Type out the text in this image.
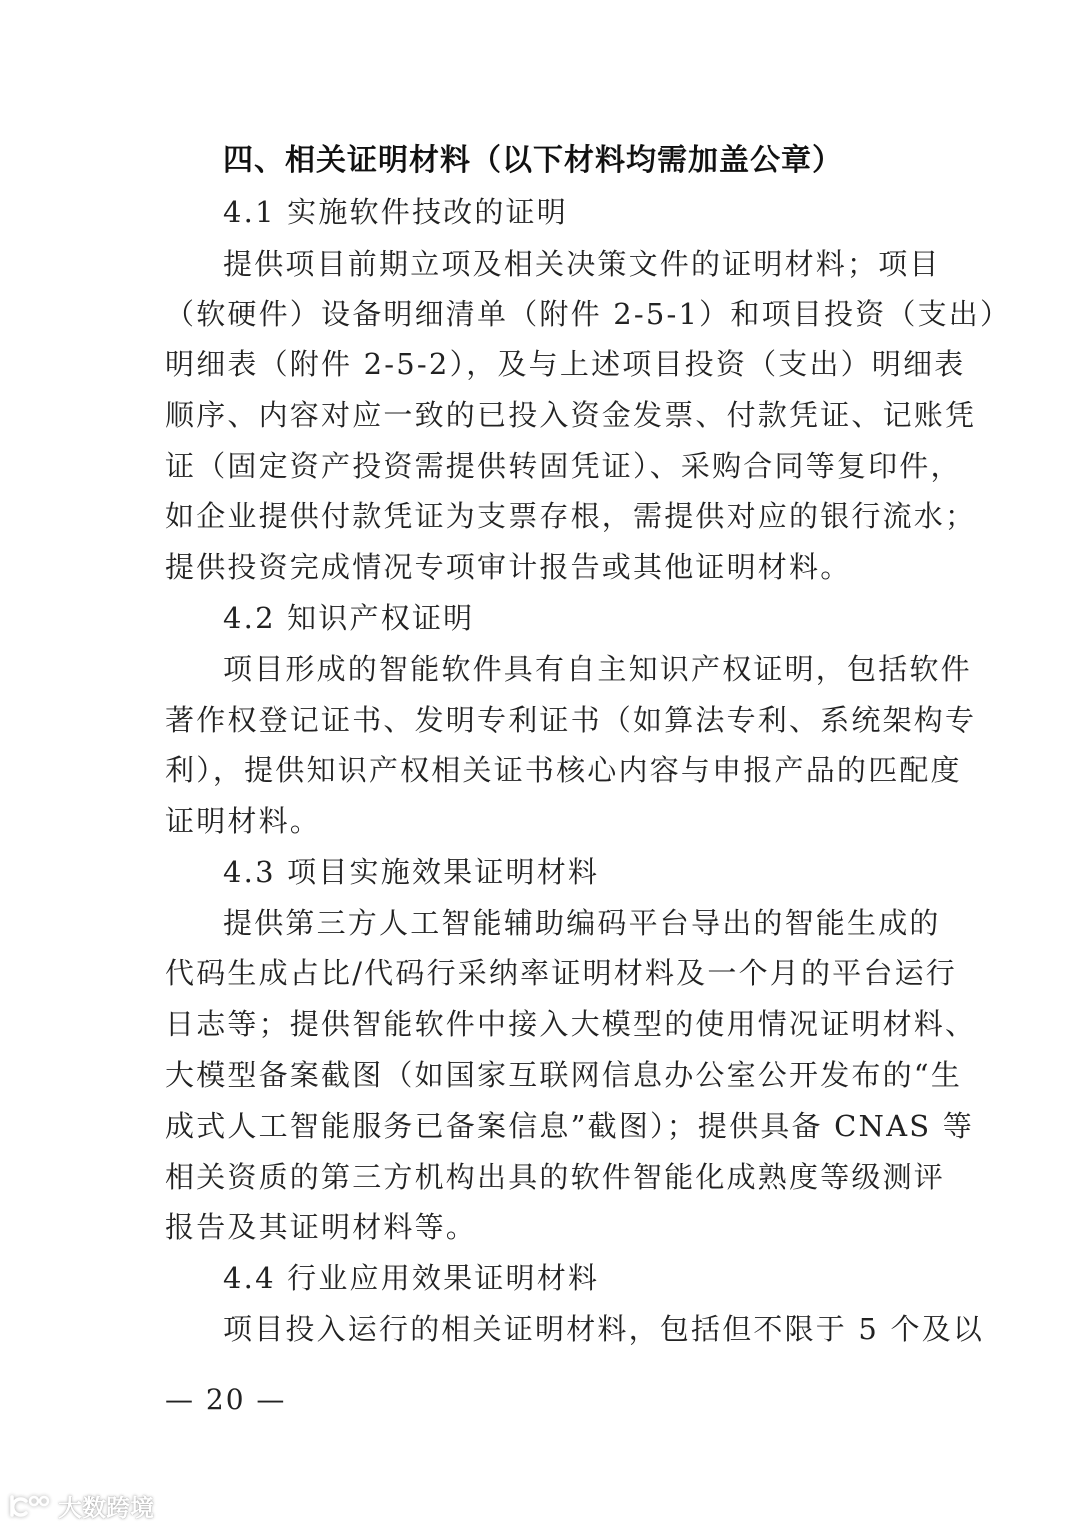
四、相关证明材料（以下材料均需加盖公章）
4.1 实施软件技改的证明
提供项目前期立项及相关决策文件的证明材料；项目
（软硬件）设备明细清单（附件 2-5-1）和项目投资（支出）
明细表（附件 2-5-2），及与上述项目投资（支出）明细表
顺序、内容对应一致的已投入资金发票、付款凭证、记账凭
证（固定资产投资需提供转固凭证）、采购合同等复印件，
如企业提供付款凭证为支票存根，需提供对应的银行流水；
提供投资完成情况专项审计报告或其他证明材料。
4.2 知识产权证明
项目形成的智能软件具有自主知识产权证明，包括软件
著作权登记证书、发明专利证书（如算法专利、系统架构专
利），提供知识产权相关证书核心内容与申报产品的匹配度
证明材料。
4.3 项目实施效果证明材料
提供第三方人工智能辅助编码平台导出的智能生成的
代码生成占比/代码行采纳率证明材料及一个月的平台运行
日志等；提供智能软件中接入大模型的使用情况证明材料、
大模型备案截图（如国家互联网信息办公室公开发布的“生
成式人工智能服务已备案信息”截图）；提供具备 CNAS 等
相关资质的第三方机构出具的软件智能化成熟度等级测评
报告及其证明材料等。
4.4 行业应用效果证明材料
项目投入运行的相关证明材料，包括但不限于 5 个及以
— 20 —
大数跨境
